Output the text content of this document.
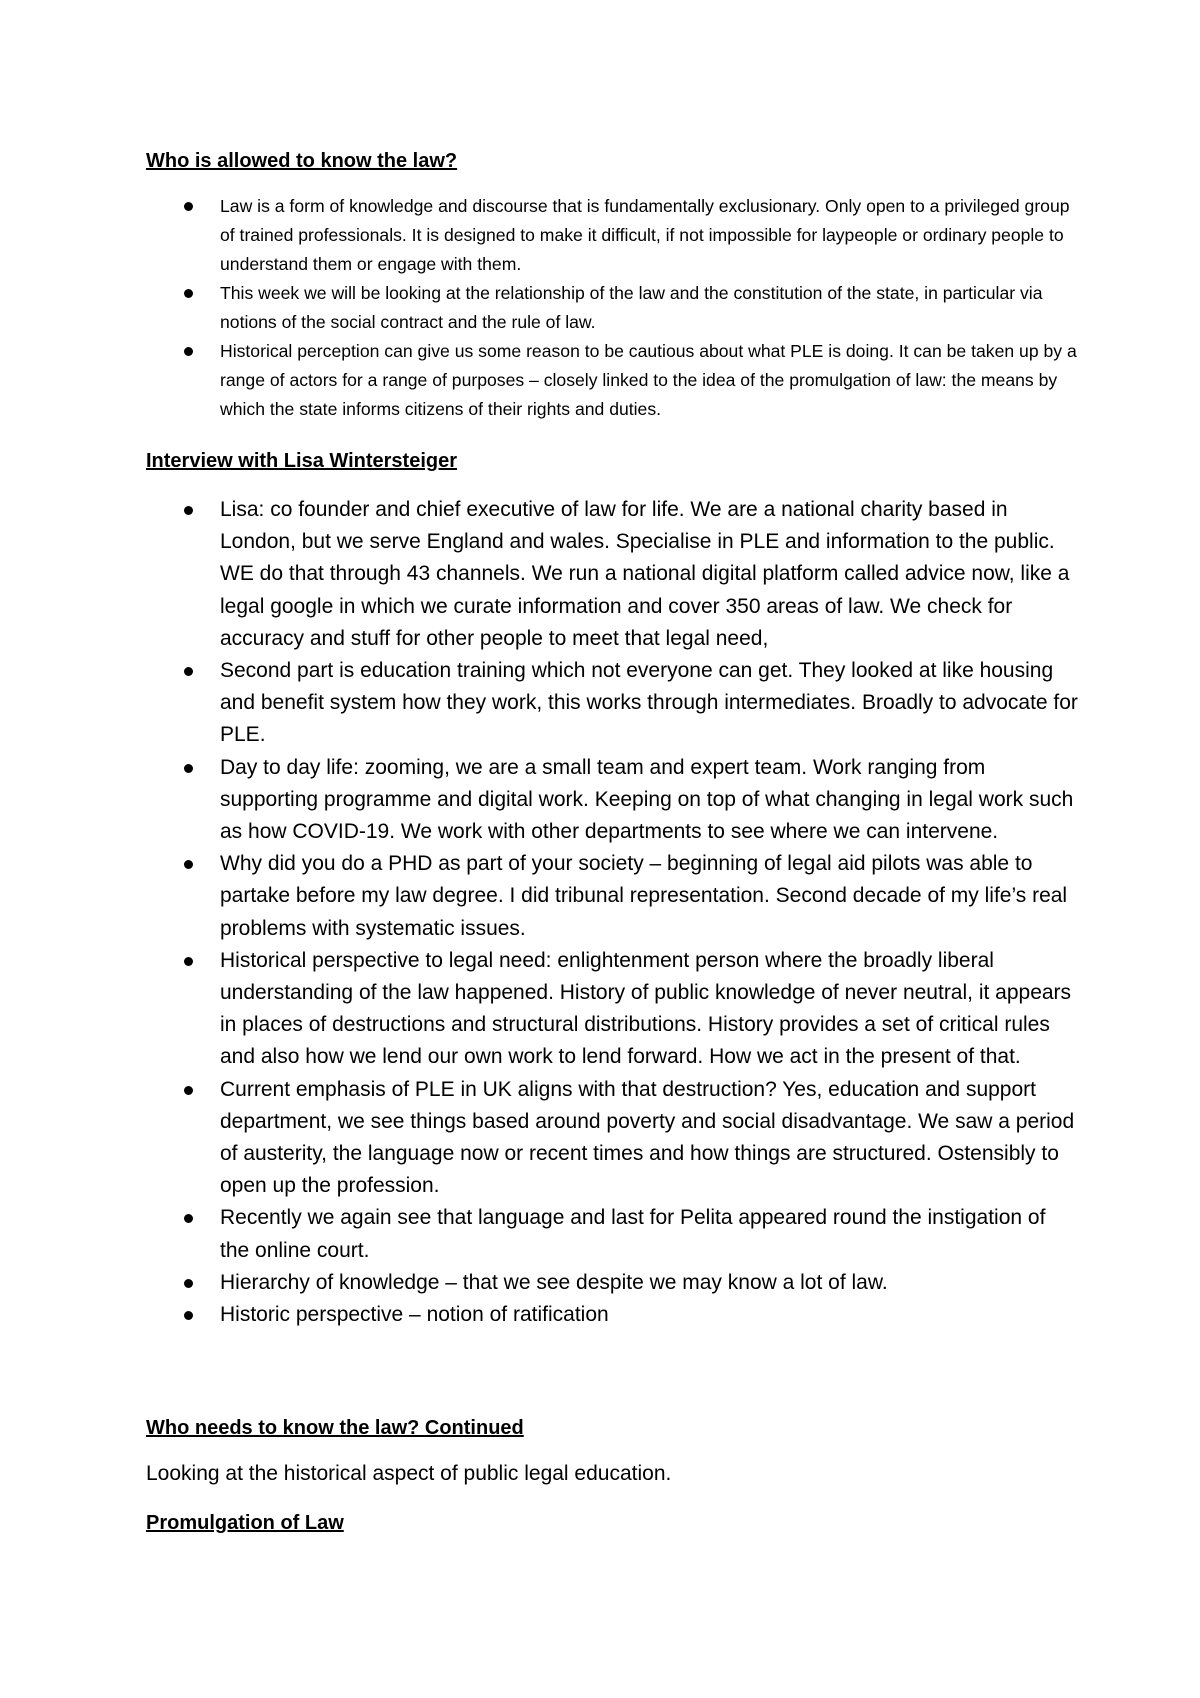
Who is allowed to know the law?
Law is a form of knowledge and discourse that is fundamentally exclusionary. Only open to a privileged group of trained professionals. It is designed to make it difficult, if not impossible for laypeople or ordinary people to understand them or engage with them.
This week we will be looking at the relationship of the law and the constitution of the state, in particular via notions of the social contract and the rule of law.
Historical perception can give us some reason to be cautious about what PLE is doing. It can be taken up by a range of actors for a range of purposes – closely linked to the idea of the promulgation of law: the means by which the state informs citizens of their rights and duties.
Interview with Lisa Wintersteiger
Lisa: co founder and chief executive of law for life. We are a national charity based in London, but we serve England and wales. Specialise in PLE and information to the public. WE do that through 43 channels. We run a national digital platform called advice now, like a legal google in which we curate information and cover 350 areas of law. We check for accuracy and stuff for other people to meet that legal need,
Second part is education training which not everyone can get. They looked at like housing and benefit system how they work, this works through intermediates. Broadly to advocate for PLE.
Day to day life: zooming, we are a small team and expert team. Work ranging from supporting programme and digital work. Keeping on top of what changing in legal work such as how COVID-19. We work with other departments to see where we can intervene.
Why did you do a PHD as part of your society – beginning of legal aid pilots was able to partake before my law degree. I did tribunal representation. Second decade of my life’s real problems with systematic issues.
Historical perspective to legal need: enlightenment person where the broadly liberal understanding of the law happened. History of public knowledge of never neutral, it appears in places of destructions and structural distributions. History provides a set of critical rules and also how we lend our own work to lend forward. How we act in the present of that.
Current emphasis of PLE in UK aligns with that destruction? Yes, education and support department, we see things based around poverty and social disadvantage. We saw a period of austerity, the language now or recent times and how things are structured. Ostensibly to open up the profession.
Recently we again see that language and last for Pelita appeared round the instigation of the online court.
Hierarchy of knowledge – that we see despite we may know a lot of law.
Historic perspective – notion of ratification
Who needs to know the law? Continued

Looking at the historical aspect of public legal education.

Promulgation of Law
